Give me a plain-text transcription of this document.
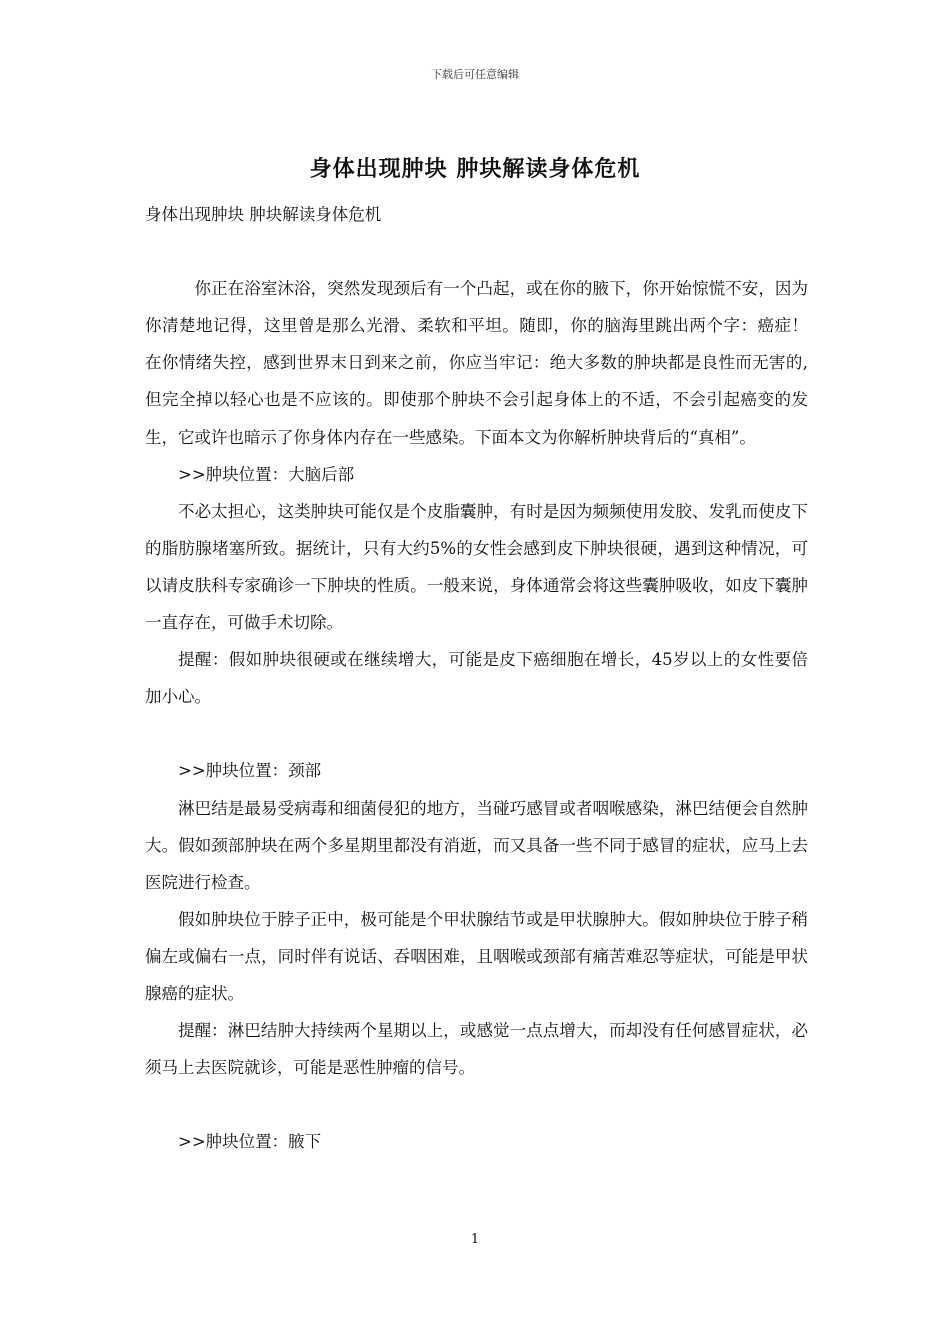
下载后可任意编辑
身体出现肿块 肿块解读身体危机

身体出现肿块 肿块解读身体危机

你正在浴室沐浴，突然发现颈后有一个凸起，或在你的腋下，你开始惊慌不安，因为你清楚地记得，这里曾是那么光滑、柔软和平坦。随即，你的脑海里跳出两个字：癌症！ 在你情绪失控，感到世界末日到来之前，你应当牢记：绝大多数的肿块都是良性而无害的,但完全掉以轻心也是不应该的。即使那个肿块不会引起身体上的不适，不会引起癌变的发生，它或许也暗示了你身体内存在一些感染。下面本文为你解析肿块背后的“真相”。

>>肿块位置：大脑后部

不必太担心，这类肿块可能仅是个皮脂囊肿，有时是因为频频使用发胶、发乳而使皮下的脂肪腺堵塞所致。据统计，只有大约5%的女性会感到皮下肿块很硬，遇到这种情况，可以请皮肤科专家确诊一下肿块的性质。一般来说，身体通常会将这些囊肿吸收，如皮下囊肿一直存在，可做手术切除。

提醒：假如肿块很硬或在继续增大，可能是皮下癌细胞在增长，45岁以上的女性要倍加小心。

>>肿块位置：颈部

淋巴结是最易受病毒和细菌侵犯的地方，当碰巧感冒或者咽喉感染，淋巴结便会自然肿大。假如颈部肿块在两个多星期里都没有消逝，而又具备一些不同于感冒的症状，应马上去医院进行检查。

假如肿块位于脖子正中，极可能是个甲状腺结节或是甲状腺肿大。假如肿块位于脖子稍偏左或偏右一点，同时伴有说话、吞咽困难，且咽喉或颈部有痛苦难忍等症状，可能是甲状腺癌的症状。

提醒：淋巴结肿大持续两个星期以上，或感觉一点点增大，而却没有任何感冒症状，必须马上去医院就诊，可能是恶性肿瘤的信号。

>>肿块位置：腋下

1
